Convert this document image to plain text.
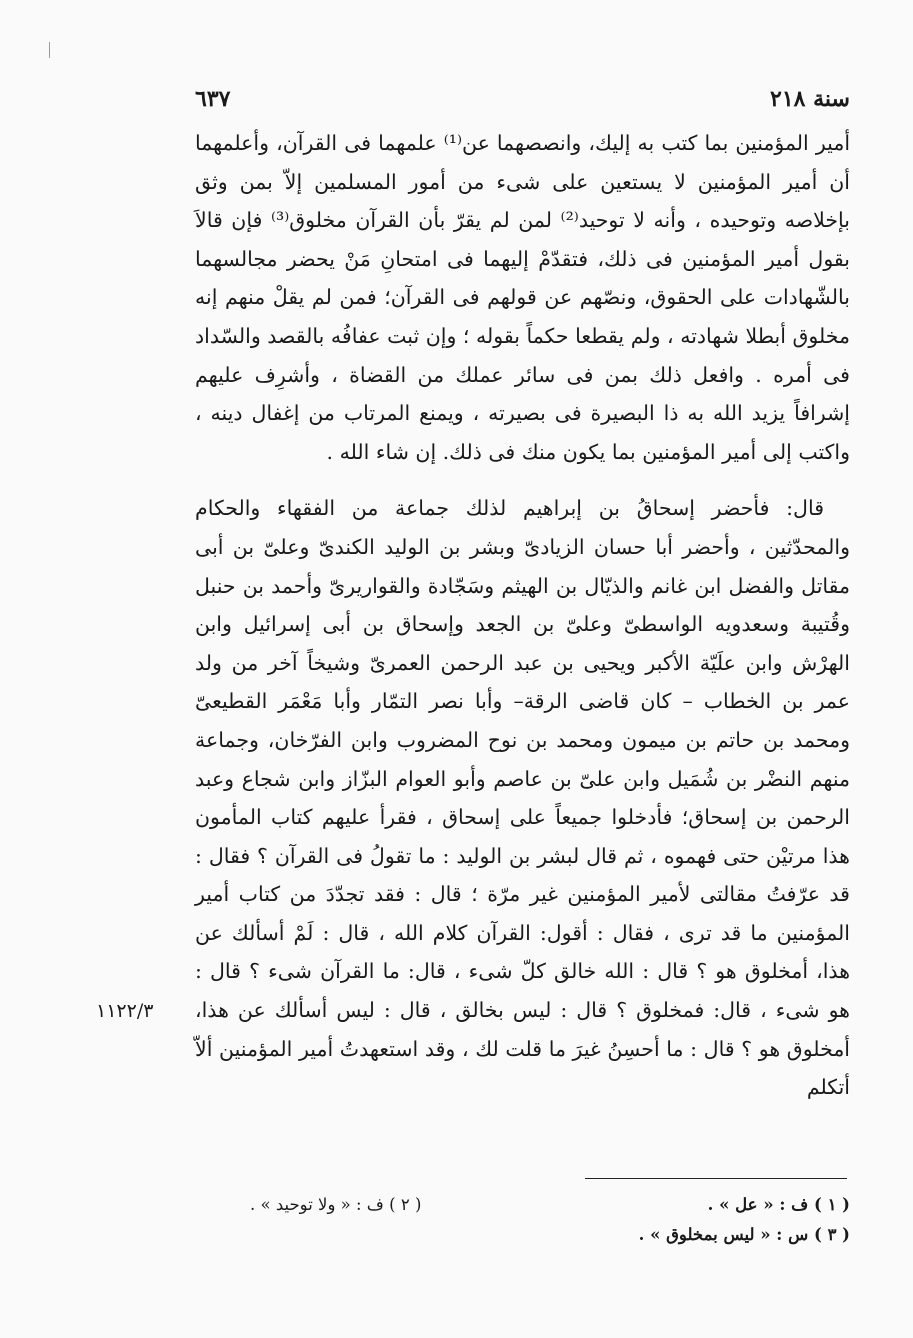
سنة ٢١٨
٦٣٧

أمير المؤمنين بما كتب به إليك، وانصصهما عن⁽¹⁾ علمهما فى القرآن، وأعلمهما أن أمير المؤمنين لا يستعين على شىء من أمور المسلمين إلاّ بمن وثق بإخلاصه وتوحيده ، وأنه لا توحيد⁽²⁾ لمن لم يقرّ بأن القرآن مخلوق⁽³⁾ فإن قالاَ بقول أمير المؤمنين فى ذلك، فتقدّمْ إليهما فى امتحانِ مَنْ يحضر مجالسهما بالشّهادات على الحقوق، ونصّهم عن قولهم فى القرآن؛ فمن لم يقلْ منهم إنه مخلوق أبطلا شهادته ، ولم يقطعا حكماً بقوله ؛ وإن ثبت عفافُه بالقصد والسّداد فى أمره . وافعل ذلك بمن فى سائر عملك من القضاة ، وأشرِف عليهم إشرافاً يزيد الله به ذا البصيرة فى بصيرته ، ويمنع المرتاب من إغفال دينه ، واكتب إلى أمير المؤمنين بما يكون منك فى ذلك. إن شاء الله .

قال: فأحضر إسحاقُ بن إبراهيم لذلك جماعة من الفقهاء والحكام والمحدّثين ، وأحضر أبا حسان الزيادىّ وبشر بن الوليد الكندىّ وعلىّ بن أبى مقاتل والفضل ابن غانم والذيّال بن الهيثم وسَجّادة والقواريرىّ وأحمد بن حنبل وقُتيبة وسعدويه الواسطىّ وعلىّ بن الجعد وإسحاق بن أبى إسرائيل وابن الهرْش وابن علَيّة الأكبر ويحيى بن عبد الرحمن العمرىّ وشيخاً آخر من ولد عمر بن الخطاب – كان قاضى الرقة– وأبا نصر التمّار وأبا مَعْمَر القطيعىّ ومحمد بن حاتم بن ميمون ومحمد بن نوح المضروب وابن الفرّخان، وجماعة منهم النضْر بن شُمَيل وابن علىّ بن عاصم وأبو العوام البزّاز وابن شجاع وعبد الرحمن بن إسحاق؛ فأدخلوا جميعاً على إسحاق ، فقرأ عليهم كتاب المأمون هذا مرتيْن حتى فهموه ، ثم قال لبشر بن الوليد : ما تقولُ فى القرآن ؟ فقال : قد عرّفتُ مقالتى لأمير المؤمنين غير مرّة ؛ قال : فقد تجدّدَ من كتاب أمير المؤمنين ما قد ترى ، فقال : أقول: القرآن كلام الله ، قال : لَمْ أسألك عن هذا، أمخلوق هو ؟ قال : الله خالق كلّ شىء ، قال: ما القرآن شىء ؟ قال : هو شىء ، قال: فمخلوق ؟ قال : ليس بخالق ، قال : ليس أسألك عن هذا، أمخلوق هو ؟ قال : ما أحسِنُ غيرَ ما قلت لك ، وقد استعهدتُ أمير المؤمنين ألاّ أتكلم

١١٢٢/٣
( ١ ) ف : « عل » .
( ٢ ) ف : « ولا توحيد » .
( ٣ ) س : « ليس بمخلوق » .
